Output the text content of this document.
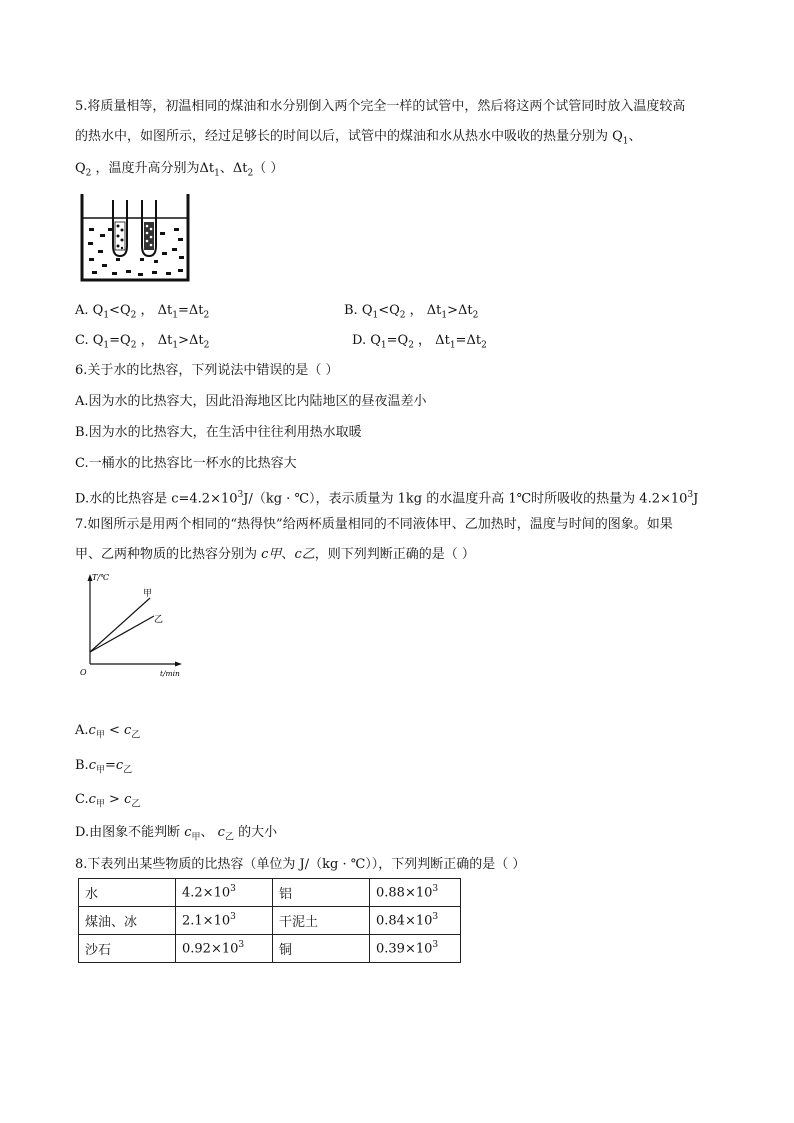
5.将质量相等，初温相同的煤油和水分别倒入两个完全一样的试管中，然后将这两个试管同时放入温度较高
的热水中，如图所示，经过足够长的时间以后，试管中的煤油和水从热水中吸收的热量分别为 $Q_1$、
$Q_2$ ，温度升高分别为$\Delta t_1$、$\Delta t_2$（ ）
A. $Q_1<Q_2$ ， $\Delta t_1=\Delta t_2$	B. $Q_1<Q_2$ ， $\Delta t_1>\Delta t_2$
C. $Q_1=Q_2$ ， $\Delta t_1>\Delta t_2$	D. $Q_1=Q_2$ ， $\Delta t_1=\Delta t_2$
6.关于水的比热容，下列说法中错误的是（ ）
A.因为水的比热容大，因此沿海地区比内陆地区的昼夜温差小
B.因为水的比热容大，在生活中往往利用热水取暖
C.一桶水的比热容比一杯水的比热容大
D.水的比热容是 $c=4.2\times 10^3J/(kg$ · ℃），表示质量为 1kg 的水温度升高 1℃时所吸收的热量为 $4.2\times 10^3J$
7.如图所示是用两个相同的“热得快”给两杯质量相同的不同液体甲、乙加热时，温度与时间的图象。如果
甲、乙两种物质的比热容分别为 c甲、c乙，则下列判断正确的是（ ）
T/℃
t/min
O
甲
乙
$A.c_甲 < c_乙$
$B.c_甲=c_乙$
$C.c_甲 > c_乙$
D.由图象不能判断 $c_甲$、 $c_乙$ 的大小
8.下表列出某些物质的比热容（单位为 J/（kg · ℃）），下列判断正确的是（ ）
水	$4.2\times 10^3$	铝	$0.88\times 10^3$
煤油、冰	$2.1\times 10^3$	干泥土	$0.84\times 10^3$
沙石	$0.92\times 10^3$	铜	$0.39\times 10^3$
